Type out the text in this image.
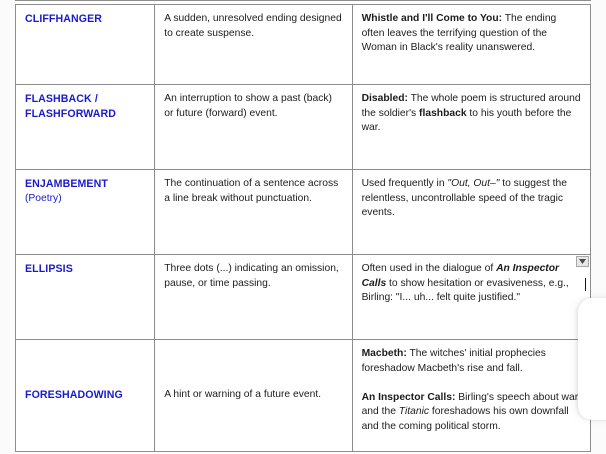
CLIFFHANGER	A sudden, unresolved ending designed to create suspense.	Whistle and I'll Come to You: The ending often leaves the terrifying question of the Woman in Black's reality unanswered.

FLASHBACK /
FLASHFORWARD	An interruption to show a past (back) or future (forward) event.	Disabled: The whole poem is structured around the soldier's flashback to his youth before the war.

ENJAMBEMENT
(Poetry)	The continuation of a sentence across a line break without punctuation.	Used frequently in "Out, Out–" to suggest the relentless, uncontrollable speed of the tragic events.

ELLIPSIS	Three dots (...) indicating an omission, pause, or time passing.	Often used in the dialogue of An Inspector Calls to show hesitation or evasiveness, e.g., Birling: "I... uh... felt quite justified."

FORESHADOWING	A hint or warning of a future event.	Macbeth: The witches' initial prophecies foreshadow Macbeth's rise and fall.
An Inspector Calls: Birling's speech about war and the Titanic foreshadows his own downfall and the coming political storm.
